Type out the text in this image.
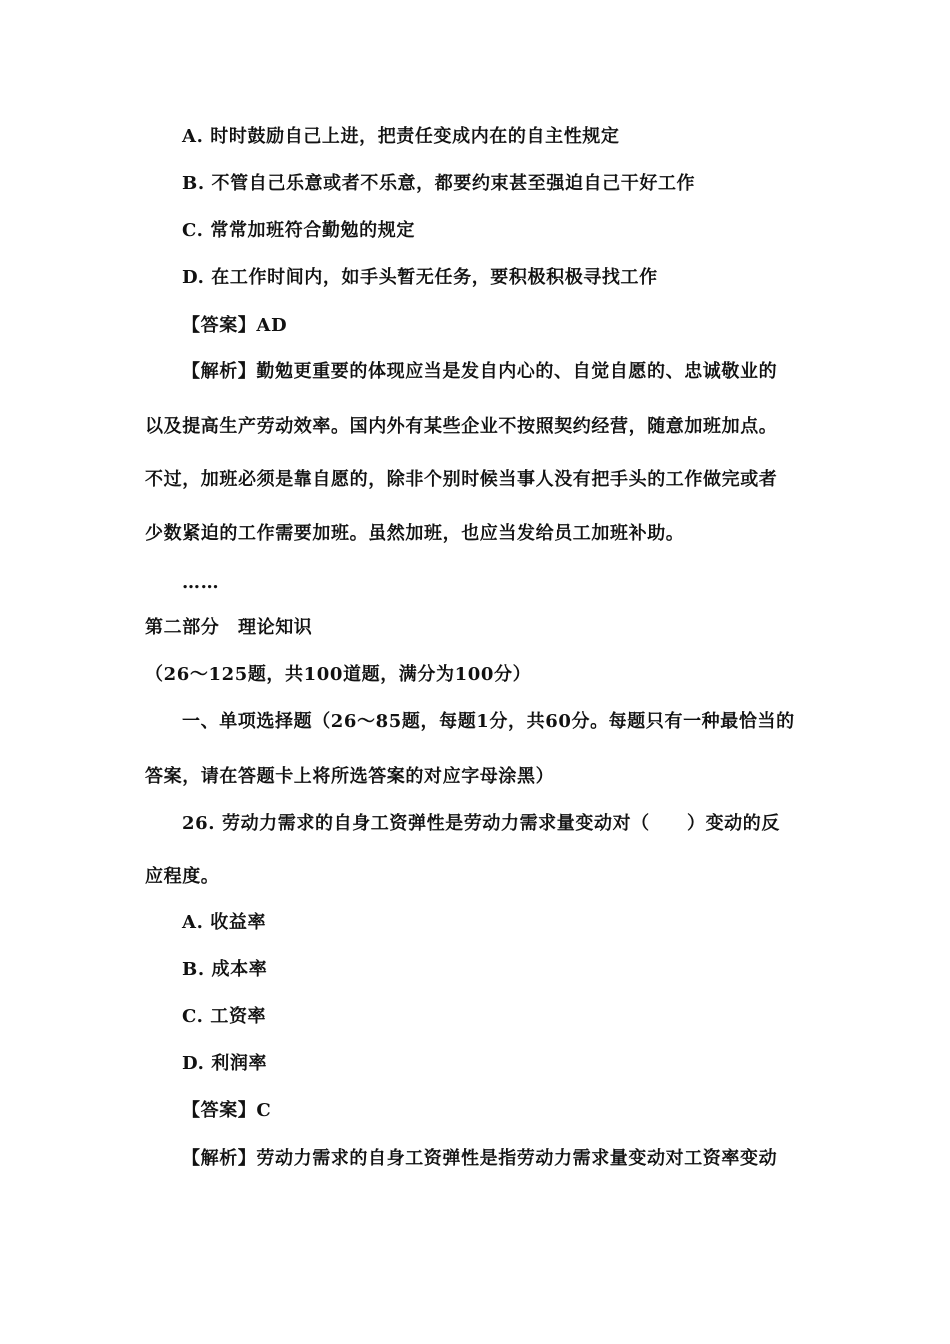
A. 时时鼓励自己上进，把责任变成内在的自主性规定
B. 不管自己乐意或者不乐意，都要约束甚至强迫自己干好工作
C. 常常加班符合勤勉的规定
D. 在工作时间内，如手头暂无任务，要积极积极寻找工作
【答案】AD
【解析】勤勉更重要的体现应当是发自内心的、自觉自愿的、忠诚敬业的
以及提高生产劳动效率。国内外有某些企业不按照契约经营，随意加班加点。
不过，加班必须是靠自愿的，除非个别时候当事人没有把手头的工作做完或者
少数紧迫的工作需要加班。虽然加班，也应当发给员工加班补助。
……
第二部分　理论知识
（26～125题，共100道题，满分为100分）
一、单项选择题（26～85题，每题1分，共60分。每题只有一种最恰当的
答案，请在答题卡上将所选答案的对应字母涂黑）
26. 劳动力需求的自身工资弹性是劳动力需求量变动对（　　）变动的反
应程度。
A. 收益率
B. 成本率
C. 工资率
D. 利润率
【答案】C
【解析】劳动力需求的自身工资弹性是指劳动力需求量变动对工资率变动
